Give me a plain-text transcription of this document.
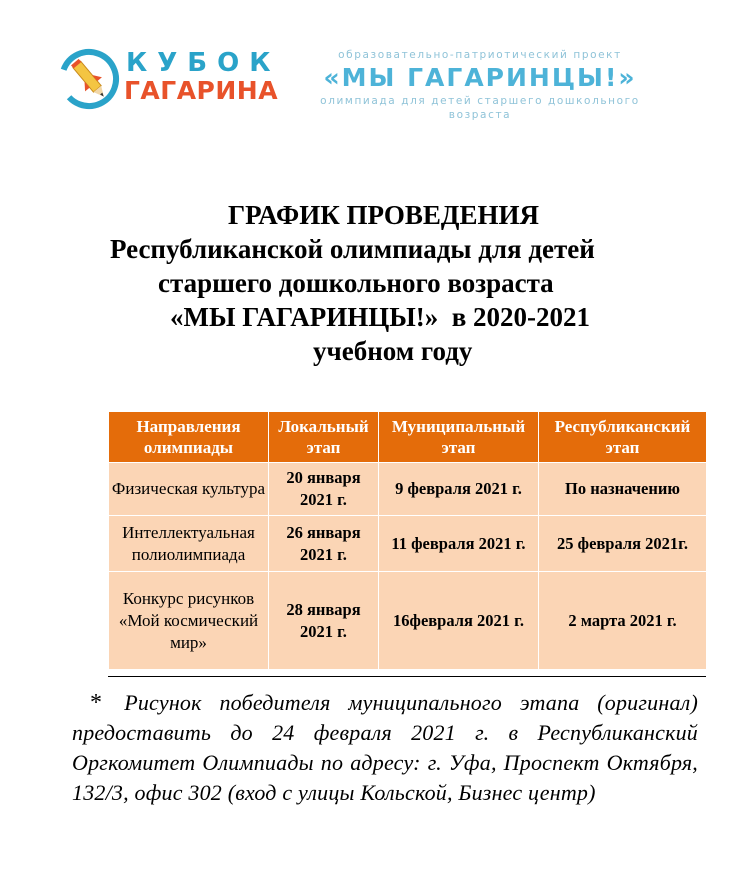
КУБОК
ГАГАРИНА
образовательно-патриотический проект
«МЫ ГАГАРИНЦЫ!»
олимпиада для детей старшего дошкольного возраста
ГРАФИК ПРОВЕДЕНИЯ
Республиканской олимпиады для детей
старшего дошкольного возраста
«МЫ ГАГАРИНЦЫ!»  в 2020-2021
учебном году
Направления олимпиады	Локальный этап	Муниципальный этап	Республиканский этап
Физическая культура	20 января 2021 г.	9 февраля 2021 г.	По назначению
Интеллектуальная полиолимпиада	26 января 2021 г.	11 февраля 2021 г.	25 февраля 2021г.
Конкурс рисунков «Мой космический мир»	28 января 2021 г.	16февраля 2021 г.	2 марта 2021 г.
* Рисунок победителя муниципального этапа (оригинал) предоставить до 24 февраля 2021 г. в Республиканский Оргкомитет Олимпиады по адресу: г. Уфа, Проспект Октября, 132/3, офис 302 (вход с улицы Кольской, Бизнес центр)
